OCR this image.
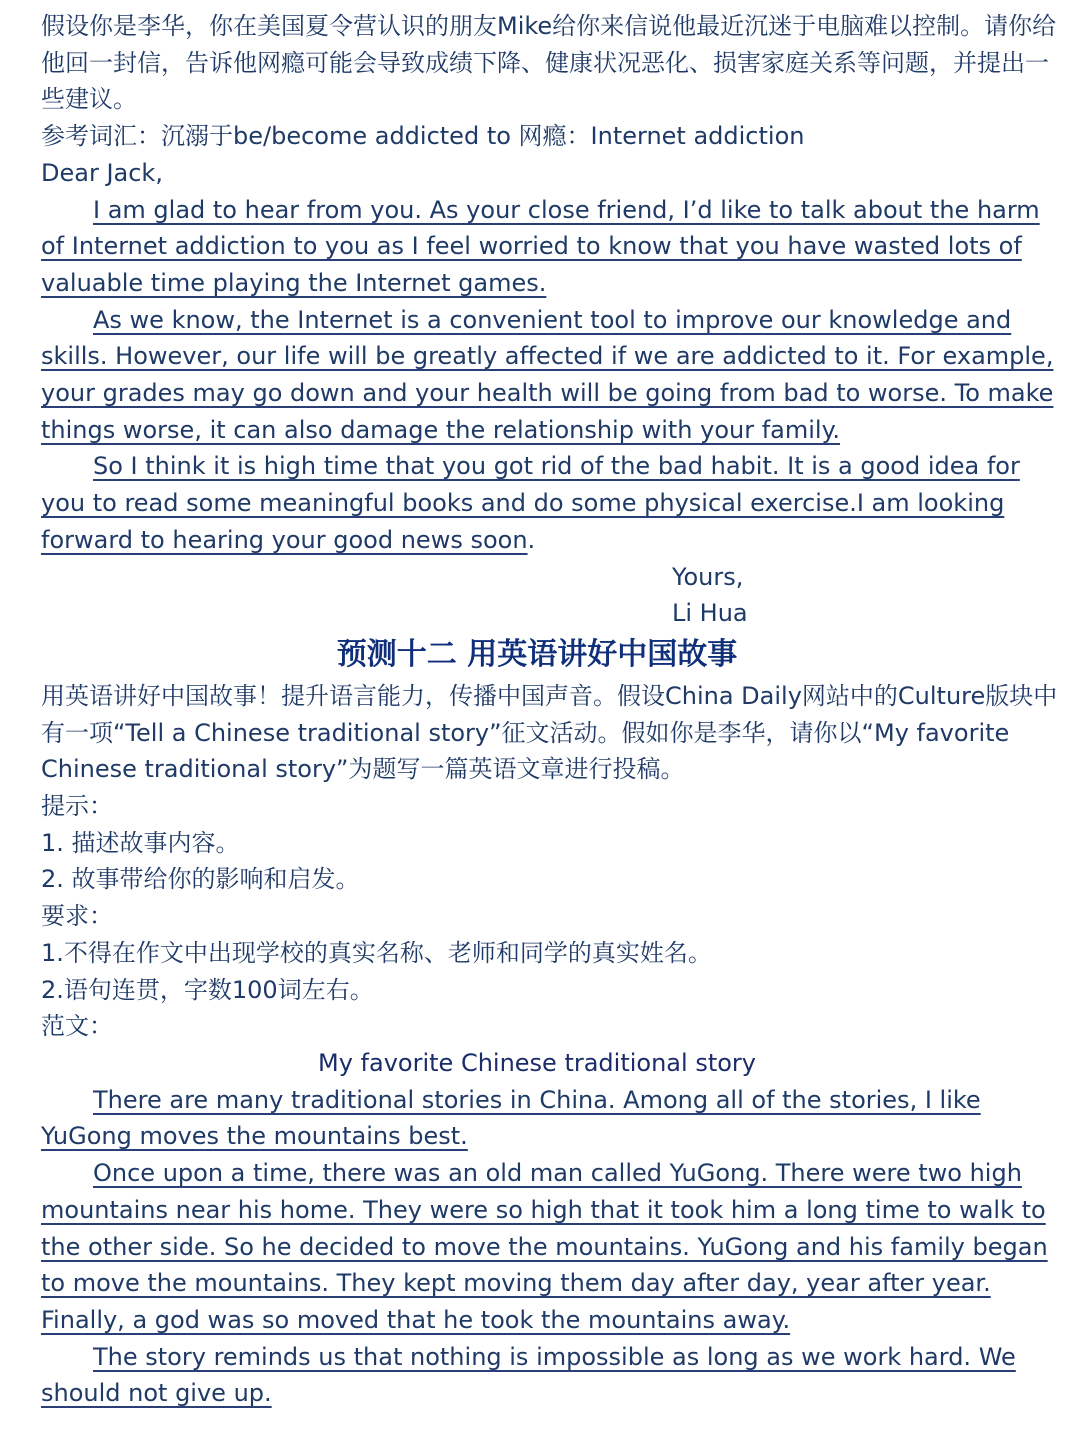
假设你是李华，你在美国夏令营认识的朋友Mike给你来信说他最近沉迷于电脑难以控制。请你给他回一封信，告诉他网瘾可能会导致成绩下降、健康状况恶化、损害家庭关系等问题，并提出一些建议。

参考词汇：沉溺于be/become addicted to 网瘾：Internet addiction

Dear Jack,

I am glad to hear from you. As your close friend, I’d like to talk about the harm of Internet addiction to you as I feel worried to know that you have wasted lots of valuable time playing the Internet games.

As we know, the Internet is a convenient tool to improve our knowledge and skills. However, our life will be greatly affected if we are addicted to it. For example, your grades may go down and your health will be going from bad to worse. To make things worse, it can also damage the relationship with your family.

So I think it is high time that you got rid of the bad habit. It is a good idea for you to read some meaningful books and do some physical exercise.I am looking forward to hearing your good news soon.

Yours,

Li Hua

预测十二 用英语讲好中国故事

用英语讲好中国故事！提升语言能力，传播中国声音。假设China Daily网站中的Culture版块中有一项“Tell a Chinese traditional story”征文活动。假如你是李华，请你以“My favorite Chinese traditional story”为题写一篇英语文章进行投稿。

提示：

1. 描述故事内容。

2. 故事带给你的影响和启发。

要求：

1.不得在作文中出现学校的真实名称、老师和同学的真实姓名。

2.语句连贯，字数100词左右。

范文：

My favorite Chinese traditional story

There are many traditional stories in China. Among all of the stories, I like YuGong moves the mountains best.

Once upon a time, there was an old man called YuGong. There were two high mountains near his home. They were so high that it took him a long time to walk to the other side. So he decided to move the mountains. YuGong and his family began to move the mountains. They kept moving them day after day, year after year. Finally, a god was so moved that he took the mountains away.

The story reminds us that nothing is impossible as long as we work hard. We should not give up.
